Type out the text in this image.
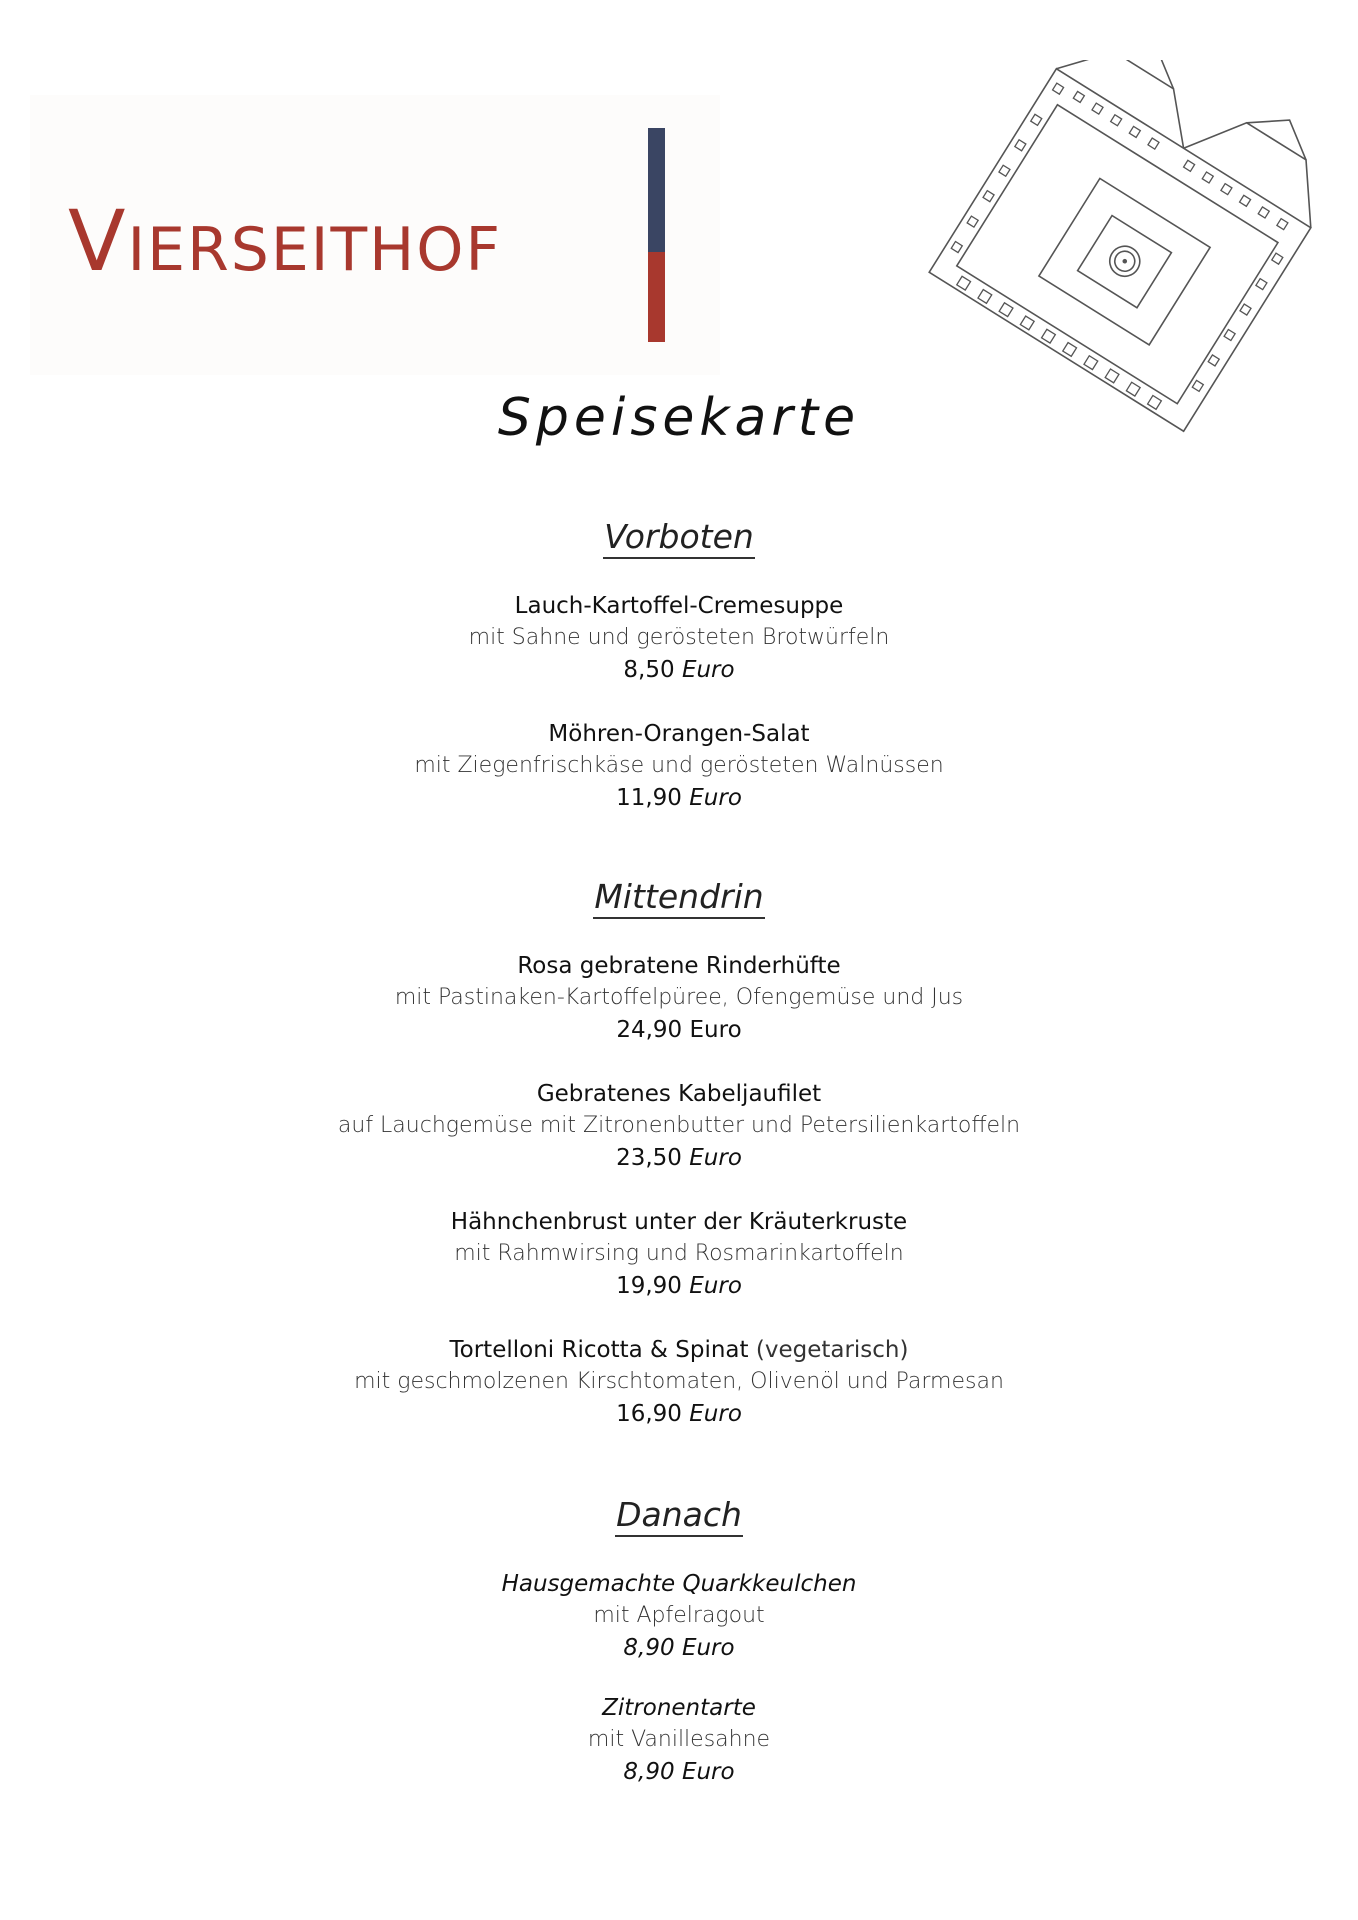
VIERSEITHOF
Speisekarte
Vorboten
Lauch-Kartoffel-Cremesuppe
mit Sahne und gerösteten Brotwürfeln
8,50 Euro
Möhren-Orangen-Salat
mit Ziegenfrischkäse und gerösteten Walnüssen
11,90 Euro
Mittendrin
Rosa gebratene Rinderhüfte
mit Pastinaken-Kartoffelpüree, Ofengemüse und Jus
24,90 Euro
Gebratenes Kabeljaufilet
auf Lauchgemüse mit Zitronenbutter und Petersilienkartoffeln
23,50 Euro
Hähnchenbrust unter der Kräuterkruste
mit Rahmwirsing und Rosmarinkartoffeln
19,90 Euro
Tortelloni Ricotta & Spinat (vegetarisch)
mit geschmolzenen Kirschtomaten, Olivenöl und Parmesan
16,90 Euro
Danach
Hausgemachte Quarkkeulchen
mit Apfelragout
8,90 Euro
Zitronentarte
mit Vanillesahne
8,90 Euro
